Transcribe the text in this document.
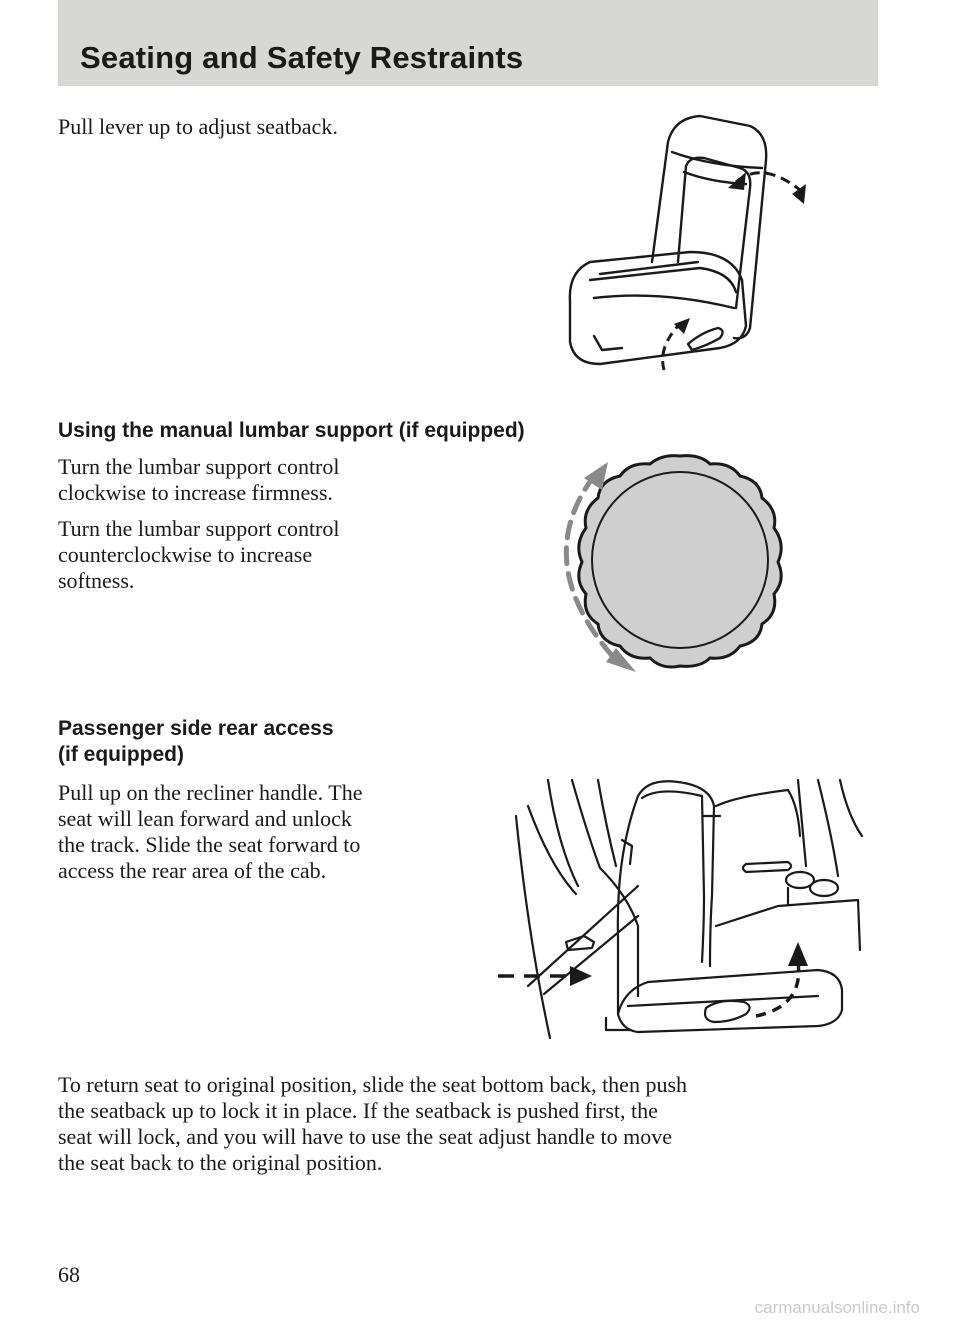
Seating and Safety Restraints

Pull lever up to adjust seatback.

Using the manual lumbar support (if equipped)

Turn the lumbar support control
clockwise to increase firmness.

Turn the lumbar support control
counterclockwise to increase
softness.

Passenger side rear access
(if equipped)

Pull up on the recliner handle. The
seat will lean forward and unlock
the track. Slide the seat forward to
access the rear area of the cab.

To return seat to original position, slide the seat bottom back, then push
the seatback up to lock it in place. If the seatback is pushed first, the
seat will lock, and you will have to use the seat adjust handle to move
the seat back to the original position.

68

carmanualsonline.info
